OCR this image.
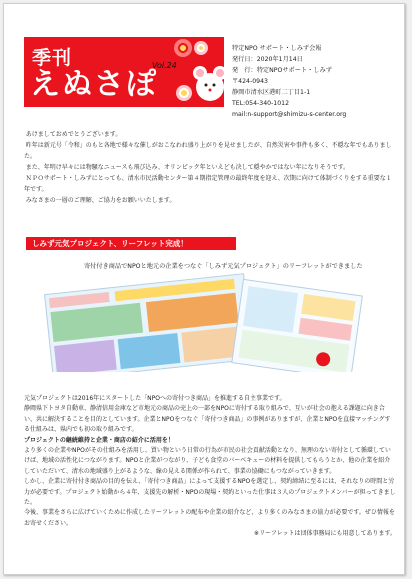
季刊
えぬさぽ
Vol.24
特定NPO サポート・しみず会報
発行日：2020年1月14日
発　行：特定NPOサポート・しみず
〒424-0943
静岡市清水区港町二丁目1-1
TEL:054-340-1012
mail:n-support@shimizu-s-center.org

あけましておめでとうございます。

昨年は新元号「令和」のもと各地で様々な催しがおこなわれ盛り上がりを見せましたが、自然災害や事件も多く、不穏な年でもありました。

また、年明け早々には物騒なニュースも飛び込み、オリンピック年といえども決して穏やかではない年になりそうです。

ＮＰＯサポート・しみずにとっても、清水市民活動センター第４期指定管理の最終年度を迎え、次期に向けて体制づくりをする重要な１年です。

みなさまの一層のご理解、ご協力をお願いいたします。

しみず元気プロジェクト、リーフレット完成！
寄付付き商品でNPOと地元の企業をつなぐ「しみず元気プロジェクト」のリーフレットができました

元気プロジェクトは2016年にスタートした「NPOへの寄付つき商品」を推進する自主事業です。

静岡県下トヨタ自動車、静清信用金庫など市地元の商品の売上の一部をNPOに寄付する取り組みで、互いが社会の抱える課題に向き合い、共に解決することを目的としています。企業とNPOをつなぐ「寄付つき商品」の事例がありますが、企業とNPOを直接マッチングする仕組みは、県内でも初の取り組みです。

プロジェクトの継続維持と企業・商店の紹介に活用を！

より多くの企業やNPOがその仕組みを活用し、買い物という日常の行為が市民の社会貢献活動となり、無理のない寄付として循環していけば、地域の活性化につながります。NPOと企業がつながり、子ども食堂のバーベキューの材料を提供してもらうとか、他の企業を紹介していただいて、清水の地域盛り上がるような、線の見える関係が作られて、事業の協働にもつながっていきます。

しかし、企業に寄付付き商品の目的を伝え、「寄付つき商品」によって支援するNPOを選定し、契約締結に至るには、それなりの時間と労力が必要です。プロジェクト始動から４年、支援先の解析・NPOの現場・契約といった仕事は３人のプロジェクトメンバーが担ってきました。

今後、事業をさらに広げていくために作成したリーフレットの配布や企業の紹介など、より多くのみなさまの協力が必要です。ぜひ情報をお寄せください。

※リーフレットは団体事務局にも用意してあります。
